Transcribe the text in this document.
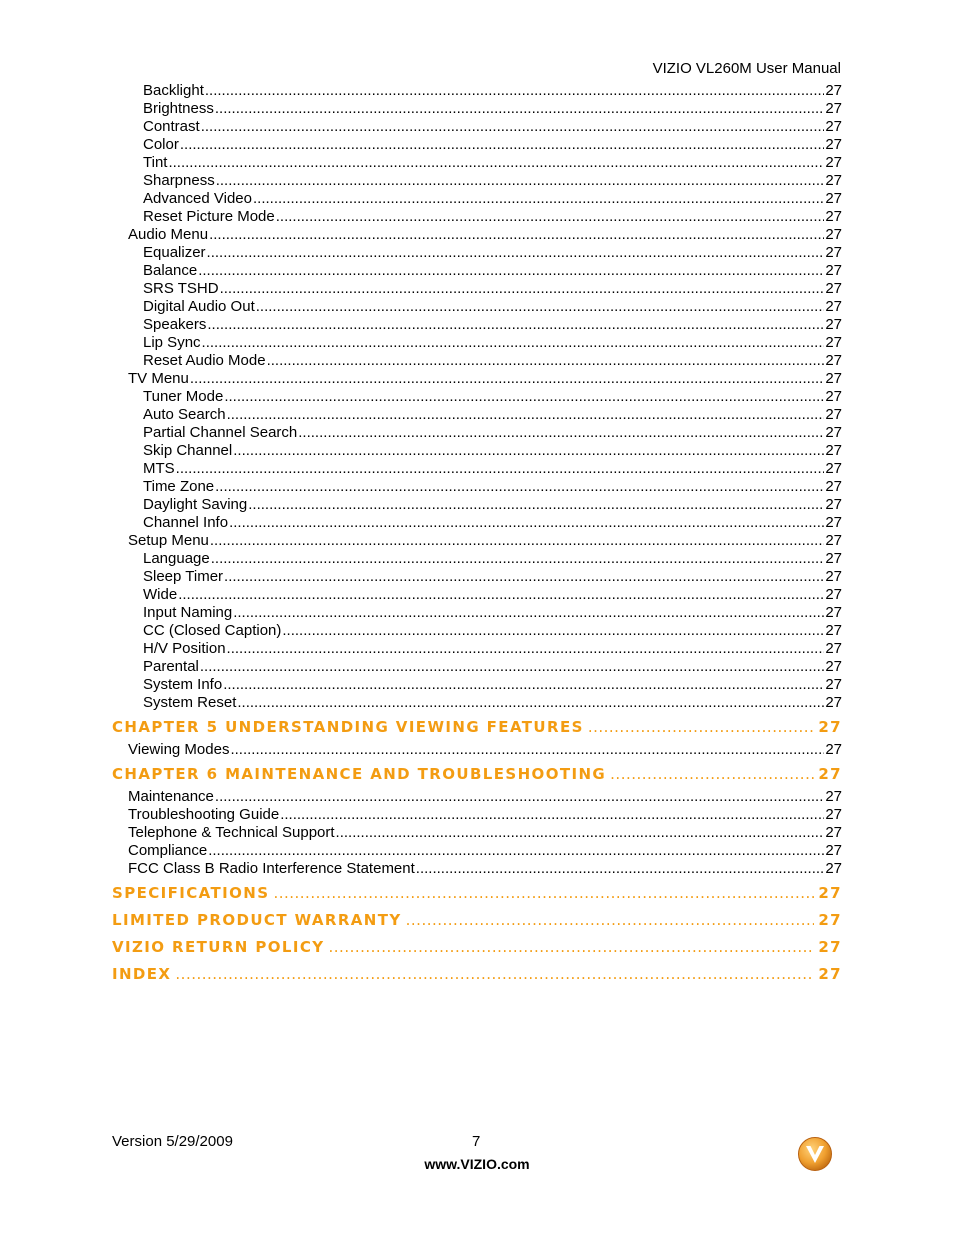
VIZIO VL260M User Manual
Backlight .....	27
Brightness .....	27
Contrast .....	27
Color .....	27
Tint .....	27
Sharpness .....	27
Advanced Video .....	27
Reset Picture Mode .....	27
Audio Menu .....	27
Equalizer .....	27
Balance .....	27
SRS TSHD .....	27
Digital Audio Out .....	27
Speakers .....	27
Lip Sync .....	27
Reset Audio Mode .....	27
TV Menu .....	27
Tuner Mode .....	27
Auto Search .....	27
Partial Channel Search .....	27
Skip Channel .....	27
MTS .....	27
Time Zone .....	27
Daylight Saving .....	27
Channel Info .....	27
Setup Menu .....	27
Language .....	27
Sleep Timer .....	27
Wide .....	27
Input Naming .....	27
CC (Closed Caption) .....	27
H/V Position .....	27
Parental .....	27
System Info .....	27
System Reset .....	27
CHAPTER 5 UNDERSTANDING VIEWING FEATURES .....	27
Viewing Modes .....	27
CHAPTER 6 MAINTENANCE AND TROUBLESHOOTING .....	27
Maintenance .....	27
Troubleshooting Guide .....	27
Telephone & Technical Support .....	27
Compliance .....	27
FCC Class B Radio Interference Statement .....	27
SPECIFICATIONS .....	27
LIMITED PRODUCT WARRANTY .....	27
VIZIO RETURN POLICY .....	27
INDEX .....	27
Version 5/29/2009	7
www.VIZIO.com
